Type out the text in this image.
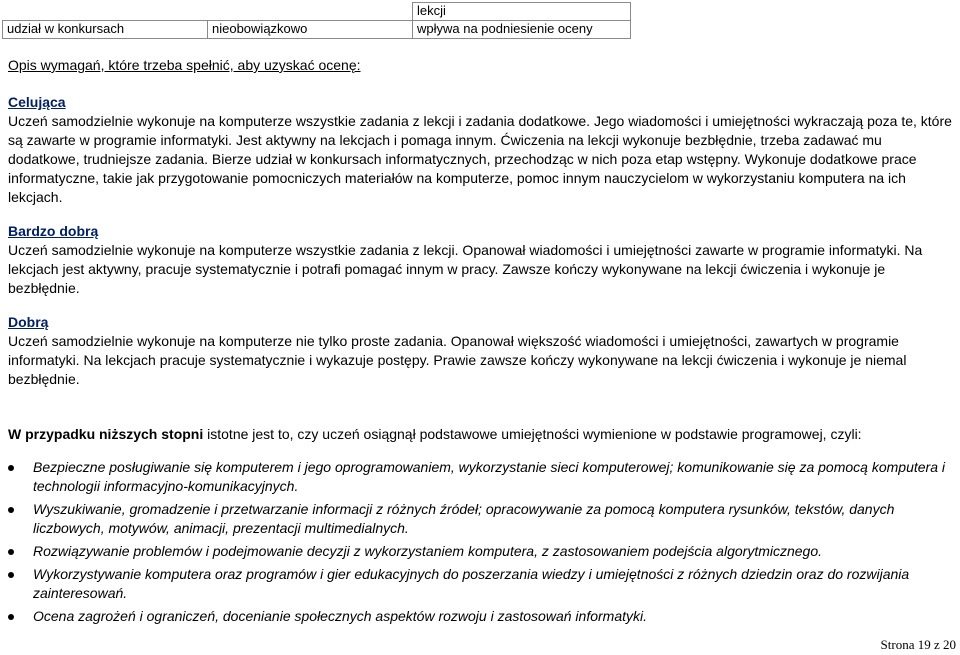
		lekcji
udział w konkursach	nieobowiązkowo	wpływa na podniesienie oceny

Opis wymagań, które trzeba spełnić, aby uzyskać ocenę:

Celująca

Uczeń samodzielnie wykonuje na komputerze wszystkie zadania z lekcji i zadania dodatkowe. Jego wiadomości i umiejętności wykraczają poza te, które są zawarte w programie informatyki. Jest aktywny na lekcjach i pomaga innym. Ćwiczenia na lekcji wykonuje bezbłędnie, trzeba zadawać mu dodatkowe, trudniejsze zadania. Bierze udział w konkursach informatycznych, przechodząc w nich poza etap wstępny. Wykonuje dodatkowe prace informatyczne, takie jak przygotowanie pomocniczych materiałów na komputerze, pomoc innym nauczycielom w wykorzystaniu komputera na ich lekcjach.

Bardzo dobrą

Uczeń samodzielnie wykonuje na komputerze wszystkie zadania z lekcji. Opanował wiadomości i umiejętności zawarte w programie informatyki. Na lekcjach jest aktywny, pracuje systematycznie i potrafi pomagać innym w pracy. Zawsze kończy wykonywane na lekcji ćwiczenia i wykonuje je bezbłędnie.

Dobrą

Uczeń samodzielnie wykonuje na komputerze nie tylko proste zadania. Opanował większość wiadomości i umiejętności, zawartych w programie informatyki. Na lekcjach pracuje systematycznie i wykazuje postępy. Prawie zawsze kończy wykonywane na lekcji ćwiczenia i wykonuje je niemal bezbłędnie.

W przypadku niższych stopni istotne jest to, czy uczeń osiągnął podstawowe umiejętności wymienione w podstawie programowej, czyli:

Bezpieczne posługiwanie się komputerem i jego oprogramowaniem, wykorzystanie sieci komputerowej; komunikowanie się za pomocą komputera i technologii informacyjno-komunikacyjnych.
Wyszukiwanie, gromadzenie i przetwarzanie informacji z różnych źródeł; opracowywanie za pomocą komputera rysunków, tekstów, danych liczbowych, motywów, animacji, prezentacji multimedialnych.
Rozwiązywanie problemów i podejmowanie decyzji z wykorzystaniem komputera, z zastosowaniem podejścia algorytmicznego.
Wykorzystywanie komputera oraz programów i gier edukacyjnych do poszerzania wiedzy i umiejętności z różnych dziedzin oraz do rozwijania zainteresowań.
Ocena zagrożeń i ograniczeń, docenianie społecznych aspektów rozwoju i zastosowań informatyki.
Strona 19 z 20
